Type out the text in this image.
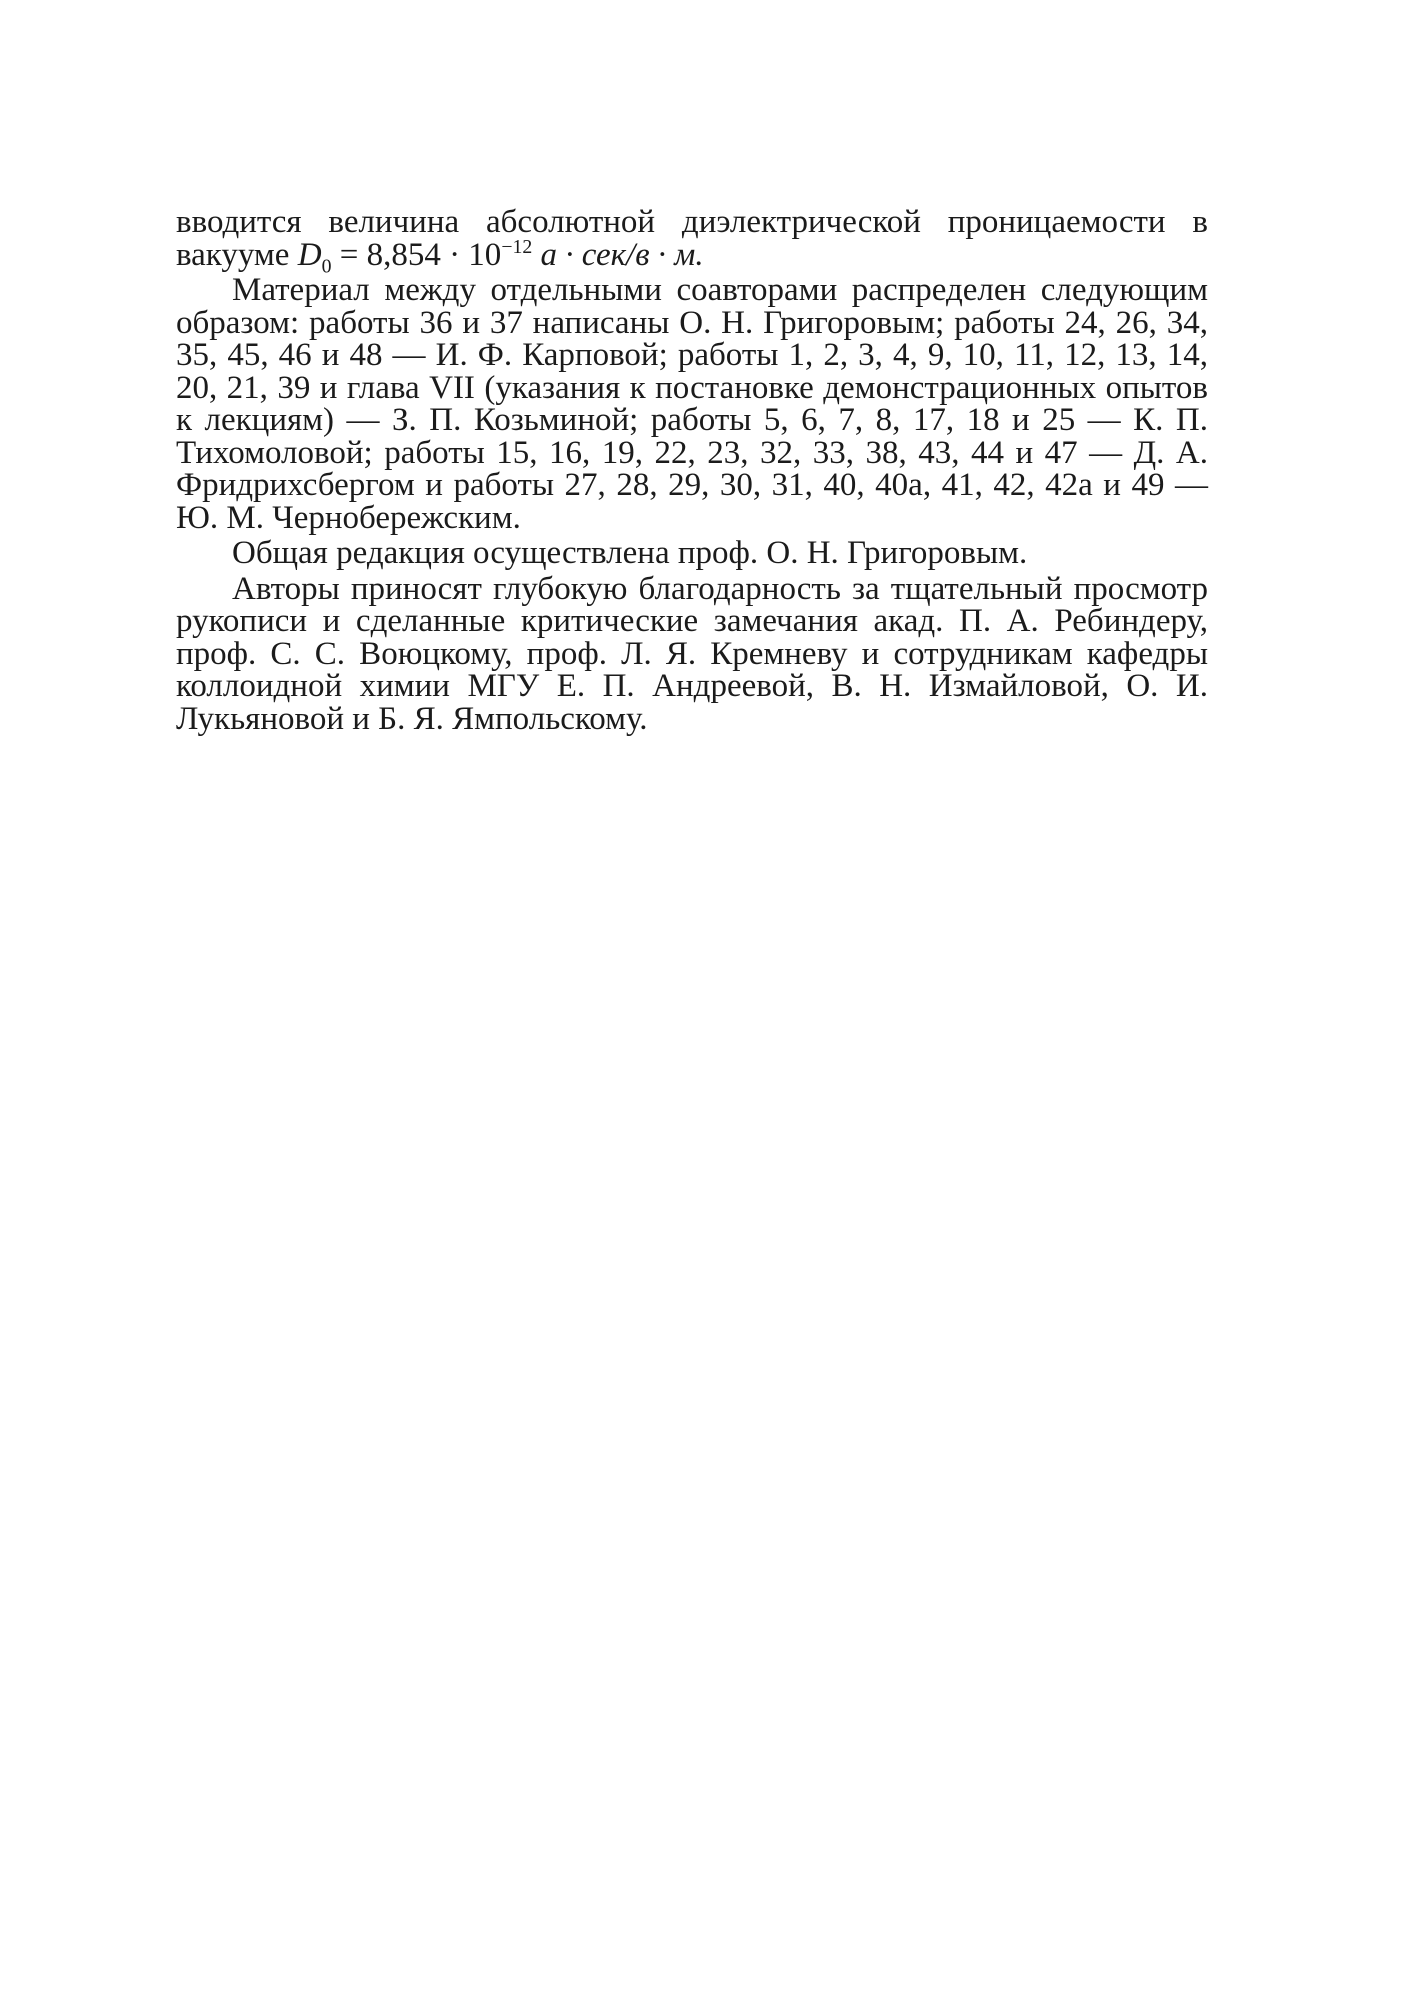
вводится величина абсолютной диэлектрической проницаемости в вакууме $D_0 = 8,854 \cdot 10^{-12}$ а · сек/в · м.

Материал между отдельными соавторами распределен следующим образом: работы 36 и 37 написаны О. Н. Григоровым; работы 24, 26, 34, 35, 45, 46 и 48 — И. Ф. Карповой; работы 1, 2, 3, 4, 9, 10, 11, 12, 13, 14, 20, 21, 39 и глава VII (указания к постановке демонстрационных опытов к лекциям) — З. П. Козьминой; работы 5, 6, 7, 8, 17, 18 и 25 — К. П. Тихомоловой; работы 15, 16, 19, 22, 23, 32, 33, 38, 43, 44 и 47 — Д. А. Фридрихсбергом и работы 27, 28, 29, 30, 31, 40, 40а, 41, 42, 42а и 49 — Ю. М. Чернобережским.

Общая редакция осуществлена проф. О. Н. Григоровым.

Авторы приносят глубокую благодарность за тщательный просмотр рукописи и сделанные критические замечания акад. П. А. Ребиндеру, проф. С. С. Воюцкому, проф. Л. Я. Кремневу и сотрудникам кафедры коллоидной химии МГУ Е. П. Андреевой, В. Н. Измайловой, О. И. Лукьяновой и Б. Я. Ямпольскому.
